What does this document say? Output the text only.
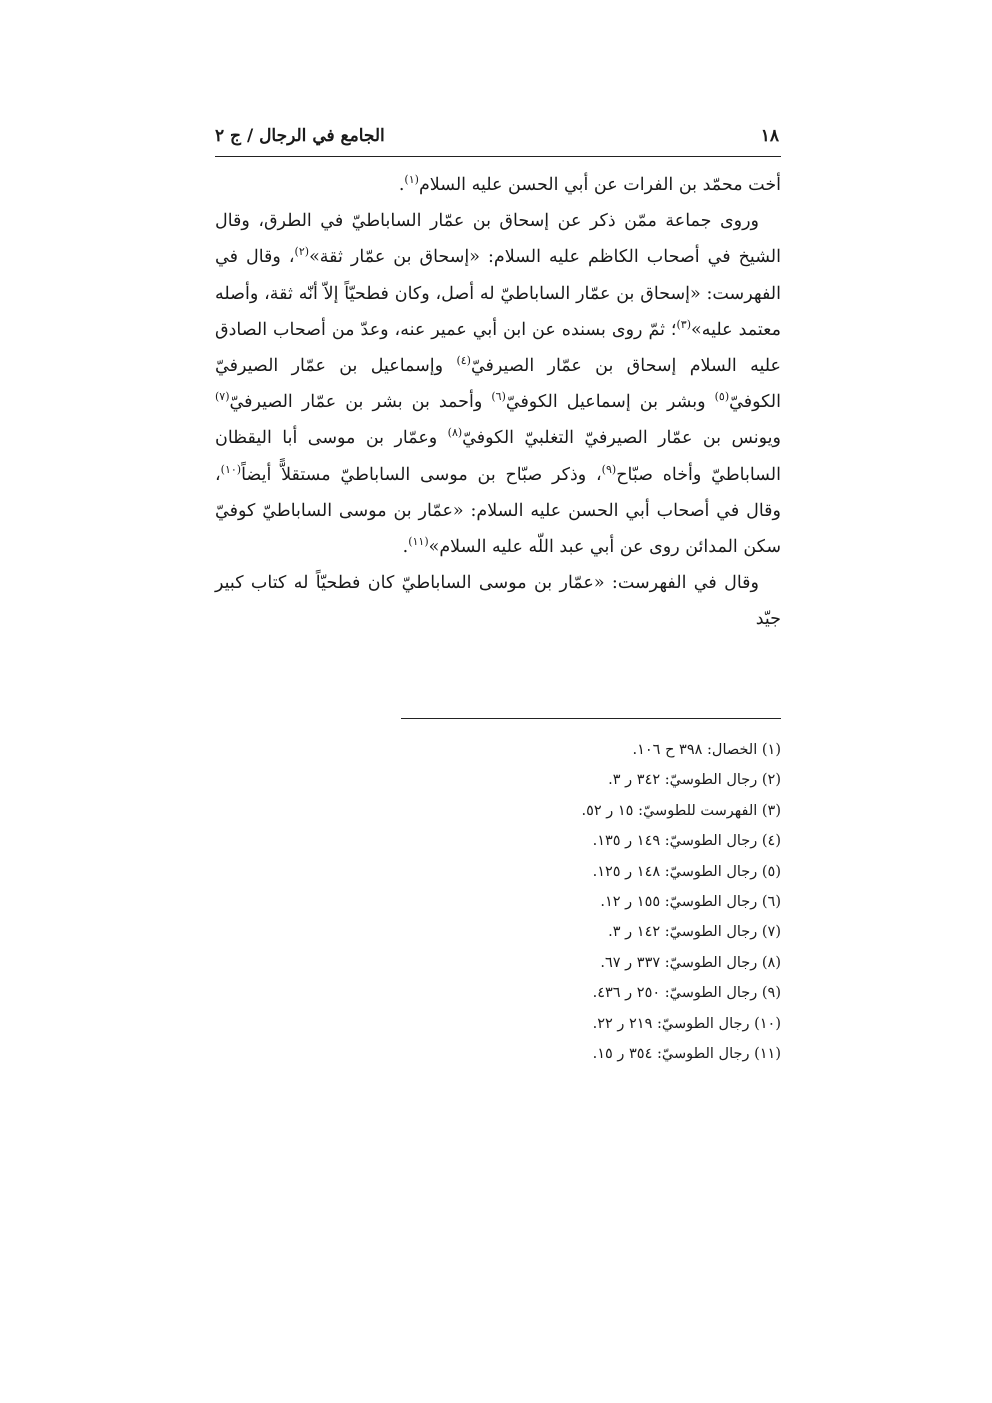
١٨
الجامع في الرجال / ج ٢

أخت محمّد بن الفرات عن أبي الحسن عليه السلام$^{(١)}$.

وروى جماعة ممّن ذكر عن إسحاق بن عمّار الساباطيّ في الطرق، وقال الشيخ في أصحاب الكاظم عليه السلام: «إسحاق بن عمّار ثقة»$^{(٢)}$، وقال في الفهرست: «إسحاق بن عمّار الساباطيّ له أصل، وكان فطحيّاً إلاّ أنّه ثقة، وأصله معتمد عليه»$^{(٣)}$؛ ثمّ روى بسنده عن ابن أبي عمير عنه، وعدّ من أصحاب الصادق عليه السلام إسحاق بن عمّار الصيرفيّ$^{(٤)}$ وإسماعيل بن عمّار الصيرفيّ الكوفيّ$^{(٥)}$ وبشر بن إسماعيل الكوفيّ$^{(٦)}$ وأحمد بن بشر بن عمّار الصيرفيّ$^{(٧)}$ ويونس بن عمّار الصيرفيّ التغلبيّ الكوفيّ$^{(٨)}$ وعمّار بن موسى أبا اليقظان الساباطيّ وأخاه صبّاح$^{(٩)}$، وذكر صبّاح بن موسى الساباطيّ مستقلاًّ أيضاً$^{(١٠)}$، وقال في أصحاب أبي الحسن عليه السلام: «عمّار بن موسى الساباطيّ كوفيّ سكن المدائن روى عن أبي عبد اللّه عليه السلام»$^{(١١)}$.

وقال في الفهرست: «عمّار بن موسى الساباطيّ كان فطحيّاً له كتاب كبير جيّد

(١) الخصال: ٣٩٨ ح ١٠٦.
(٢) رجال الطوسيّ: ٣٤٢ ر ٣.
(٣) الفهرست للطوسيّ: ١٥ ر ٥٢.
(٤) رجال الطوسيّ: ١٤٩ ر ١٣٥.
(٥) رجال الطوسيّ: ١٤٨ ر ١٢٥.
(٦) رجال الطوسيّ: ١٥٥ ر ١٢.
(٧) رجال الطوسيّ: ١٤٢ ر ٣.
(٨) رجال الطوسيّ: ٣٣٧ ر ٦٧.
(٩) رجال الطوسيّ: ٢٥٠ ر ٤٣٦.
(١٠) رجال الطوسيّ: ٢١٩ ر ٢٢.
(١١) رجال الطوسيّ: ٣٥٤ ر ١٥.
